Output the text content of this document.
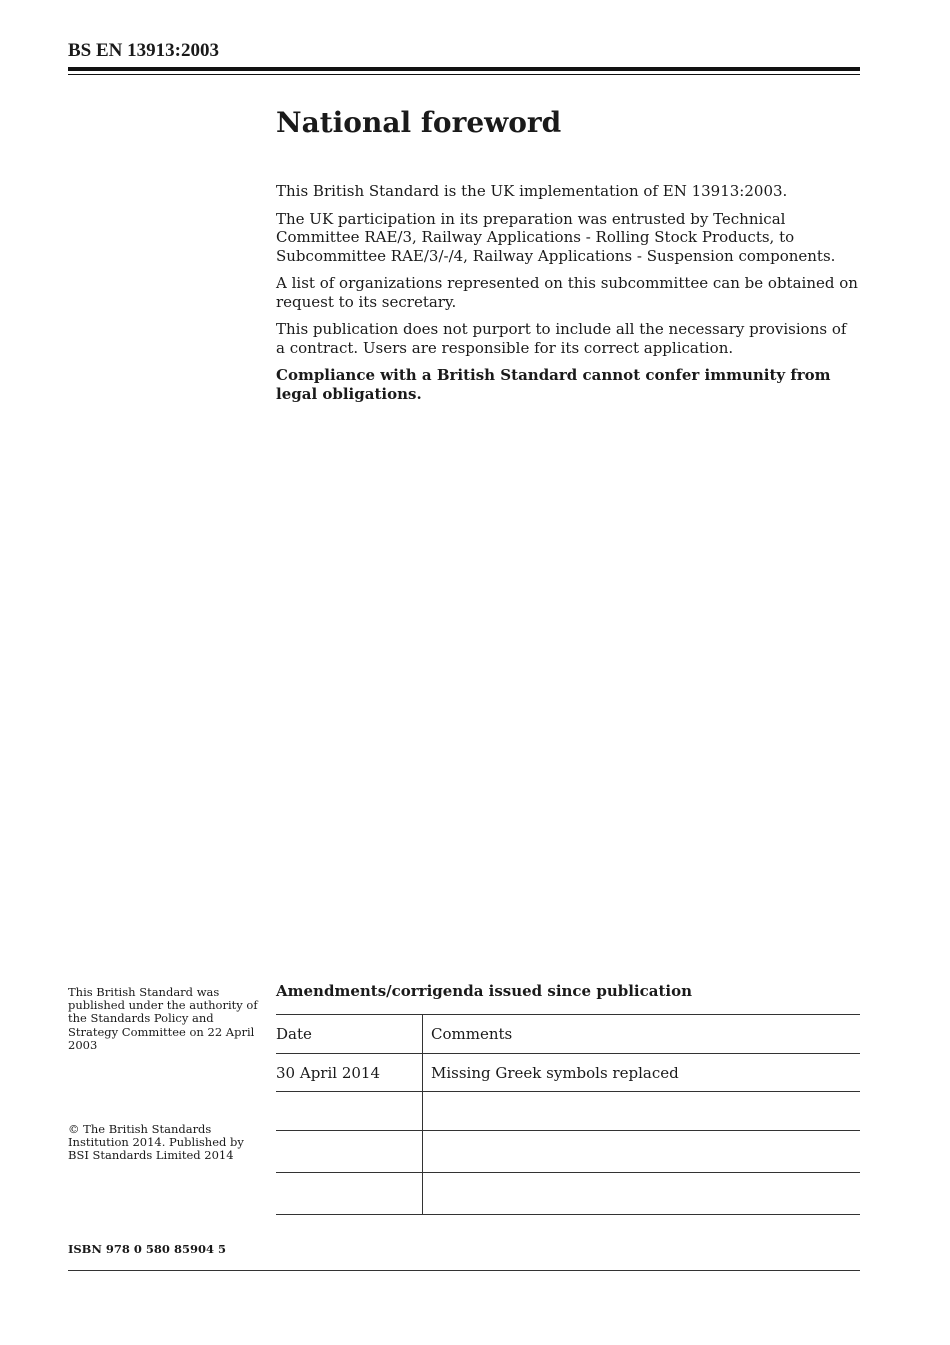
BS EN 13913:2003
National foreword

This British Standard is the UK implementation of EN 13913:2003.

The UK participation in its preparation was entrusted by Technical Committee RAE/3, Railway Applications - Rolling Stock Products, to Subcommittee RAE/3/-/4, Railway Applications - Suspension components.

A list of organizations represented on this subcommittee can be obtained on request to its secretary.

This publication does not purport to include all the necessary provisions of a contract. Users are responsible for its correct application.

Compliance with a British Standard cannot confer immunity from legal obligations.

This British Standard was published under the authority of the Standards Policy and Strategy Committee on 22 April 2003
© The British Standards Institution 2014. Published by BSI Standards Limited 2014
ISBN 978 0 580 85904 5
Amendments/corrigenda issued since publication
Date	Comments
30 April 2014	Missing Greek symbols replaced
